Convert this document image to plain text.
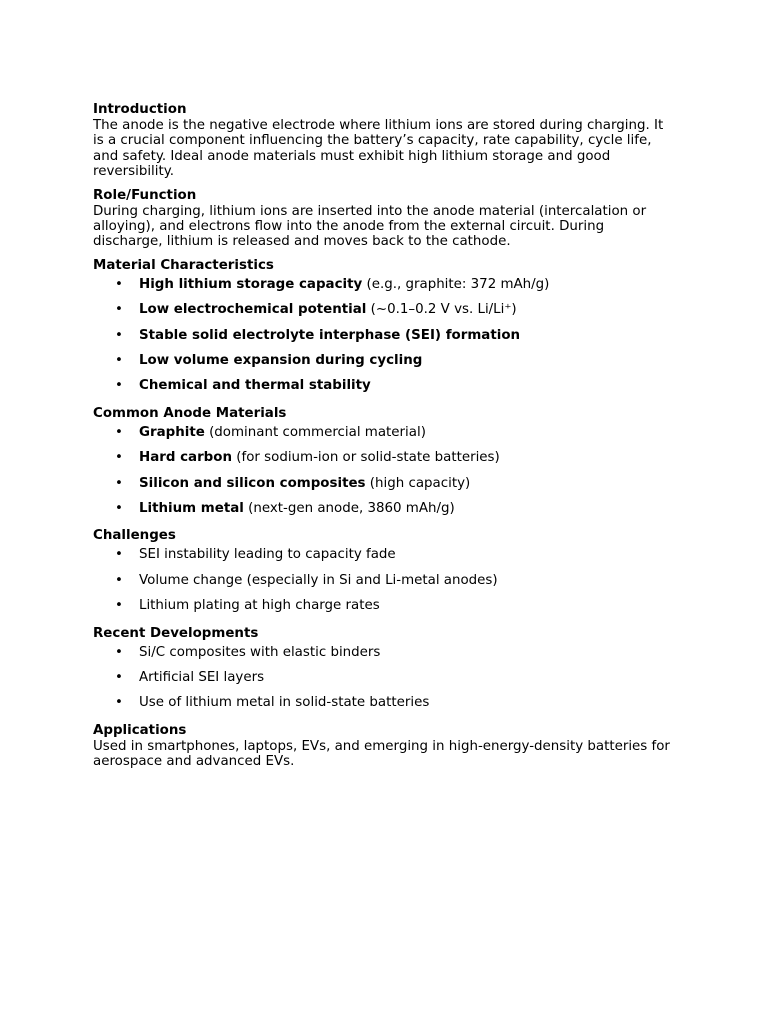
Introduction

The anode is the negative electrode where lithium ions are stored during charging. It is a crucial component influencing the battery’s capacity, rate capability, cycle life, and safety. Ideal anode materials must exhibit high lithium storage and good reversibility.

Role/Function

During charging, lithium ions are inserted into the anode material (intercalation or alloying), and electrons flow into the anode from the external circuit. During discharge, lithium is released and moves back to the cathode.

Material Characteristics

• High lithium storage capacity (e.g., graphite: 372 mAh/g)
• Low electrochemical potential (~0.1–0.2 V vs. Li/Li⁺)
• Stable solid electrolyte interphase (SEI) formation
• Low volume expansion during cycling
• Chemical and thermal stability

Common Anode Materials

• Graphite (dominant commercial material)
• Hard carbon (for sodium-ion or solid-state batteries)
• Silicon and silicon composites (high capacity)
• Lithium metal (next-gen anode, 3860 mAh/g)

Challenges

• SEI instability leading to capacity fade
• Volume change (especially in Si and Li-metal anodes)
• Lithium plating at high charge rates

Recent Developments

• Si/C composites with elastic binders
• Artificial SEI layers
• Use of lithium metal in solid-state batteries

Applications

Used in smartphones, laptops, EVs, and emerging in high-energy-density batteries for aerospace and advanced EVs.
